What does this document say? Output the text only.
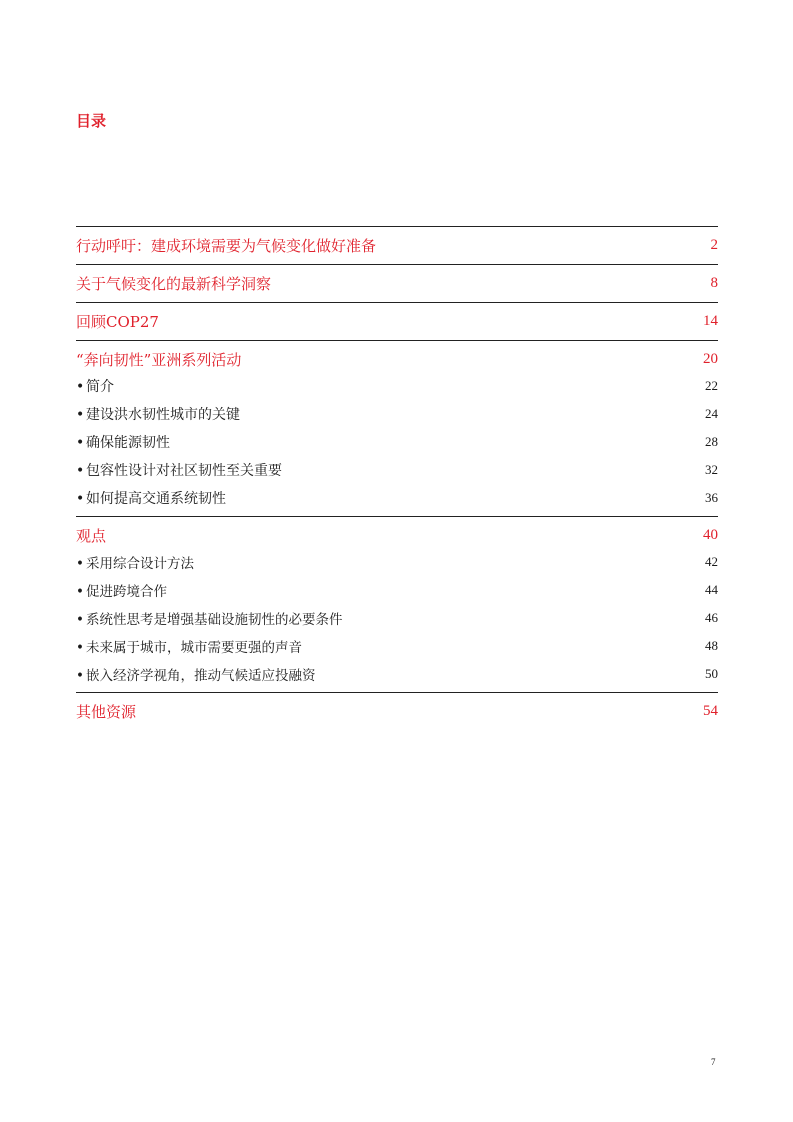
目录
行动呼吁：建成环境需要为气候变化做好准备	2
关于气候变化的最新科学洞察	8
回顾COP27	14
“奔向韧性”亚洲系列活动	20
• 简介	22
• 建设洪水韧性城市的关键	24
• 确保能源韧性	28
• 包容性设计对社区韧性至关重要	32
• 如何提高交通系统韧性	36
观点	40
• 采用综合设计方法	42
• 促进跨境合作	44
• 系统性思考是增强基础设施韧性的必要条件	46
• 未来属于城市，城市需要更强的声音	48
• 嵌入经济学视角，推动气候适应投融资	50
其他资源	54
7
